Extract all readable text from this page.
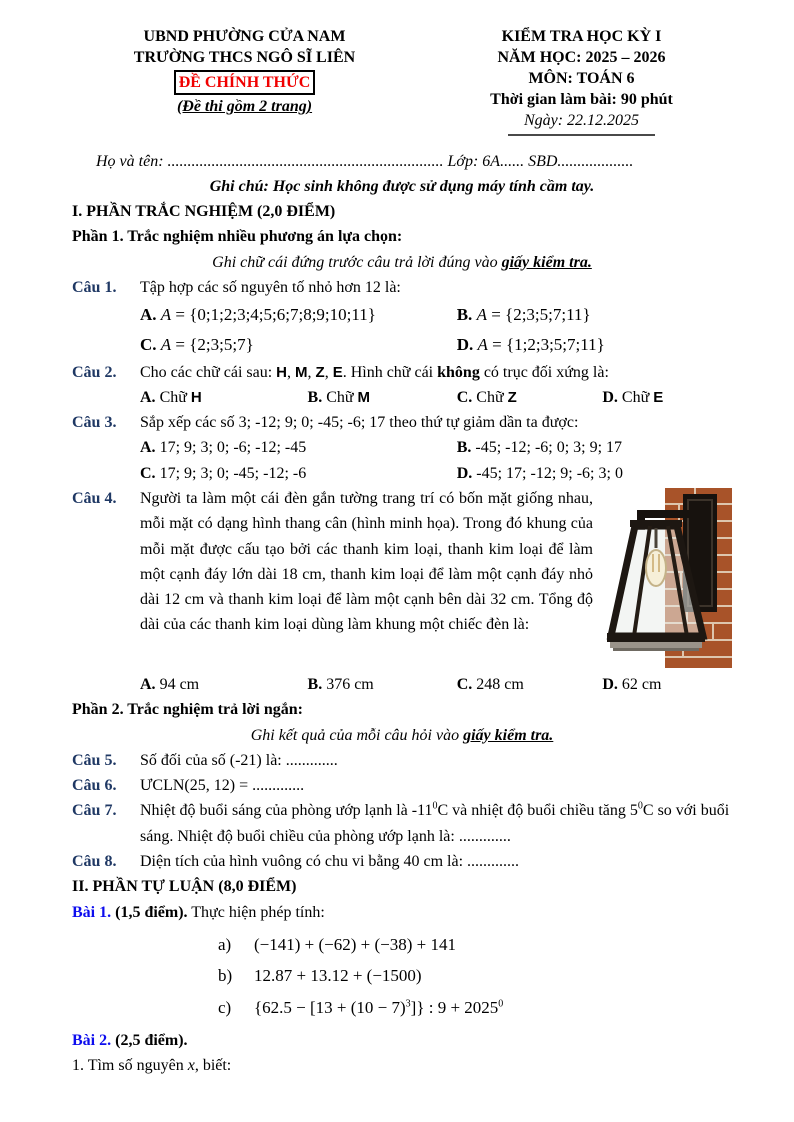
UBND PHƯỜNG CỬA NAM
TRƯỜNG THCS NGÔ SĨ LIÊN
ĐỀ CHÍNH THỨC
(Đề thi gồm 2 trang)
KIỂM TRA HỌC KỲ I
NĂM HỌC: 2025 – 2026
MÔN: TOÁN 6
Thời gian làm bài: 90 phút
Ngày: 22.12.2025
Họ và tên: ..................................................................... Lớp: 6A...... SBD...................
Ghi chú: Học sinh không được sử dụng máy tính cầm tay.
I. PHẦN TRẮC NGHIỆM (2,0 ĐIỂM)
Phần 1. Trắc nghiệm nhiều phương án lựa chọn:
Ghi chữ cái đứng trước câu trả lời đúng vào giấy kiểm tra.
Câu 1.	Tập hợp các số nguyên tố nhỏ hơn 12 là:
A. A = {0;1;2;3;4;5;6;7;8;9;10;11}	B. A = {2;3;5;7;11}
C. A = {2;3;5;7}	D. A = {1;2;3;5;7;11}
Câu 2.	Cho các chữ cái sau: H, M, Z, E. Hình chữ cái không có trục đối xứng là:
A. Chữ H	B. Chữ M	C. Chữ Z	D. Chữ E
Câu 3.	Sắp xếp các số 3; -12; 9; 0; -45; -6; 17 theo thứ tự giảm dần ta được:
A. 17; 9; 3; 0; -6; -12; -45	B. -45; -12; -6; 0; 3; 9; 17
C. 17; 9; 3; 0; -45; -12; -6	D. -45; 17; -12; 9; -6; 3; 0
Câu 4.	Người ta làm một cái đèn gắn tường trang trí có bốn mặt giống nhau, mỗi mặt có dạng hình thang cân (hình minh họa). Trong đó khung của mỗi mặt được cấu tạo bởi các thanh kim loại, thanh kim loại để làm một cạnh đáy lớn dài 18 cm, thanh kim loại để làm một cạnh đáy nhỏ dài 12 cm và thanh kim loại để làm một cạnh bên dài 32 cm. Tổng độ dài của các thanh kim loại dùng làm khung một chiếc đèn là:
A. 94 cm	B. 376 cm	C. 248 cm	D. 62 cm
Phần 2. Trắc nghiệm trả lời ngắn:
Ghi kết quả của mỗi câu hỏi vào giấy kiểm tra.
Câu 5.	Số đối của số (-21) là: .............
Câu 6.	ƯCLN(25, 12) = .............
Câu 7.	Nhiệt độ buổi sáng của phòng ướp lạnh là $-11^0C$ và nhiệt độ buổi chiều tăng $5^0C$ so với buổi sáng. Nhiệt độ buổi chiều của phòng ướp lạnh là: .............
Câu 8.	Diện tích của hình vuông có chu vi bằng 40 cm là: .............
II. PHẦN TỰ LUẬN (8,0 ĐIỂM)
Bài 1. (1,5 điểm). Thực hiện phép tính:
a)	(−141) + (−62) + (−38) + 141
b)	12.87 + 13.12 + (−1500)
c)	$\{62.5 - [13 + (10 - 7)^3]\}$ : $9 + 2025^0$
Bài 2. (2,5 điểm).
1. Tìm số nguyên x, biết:
